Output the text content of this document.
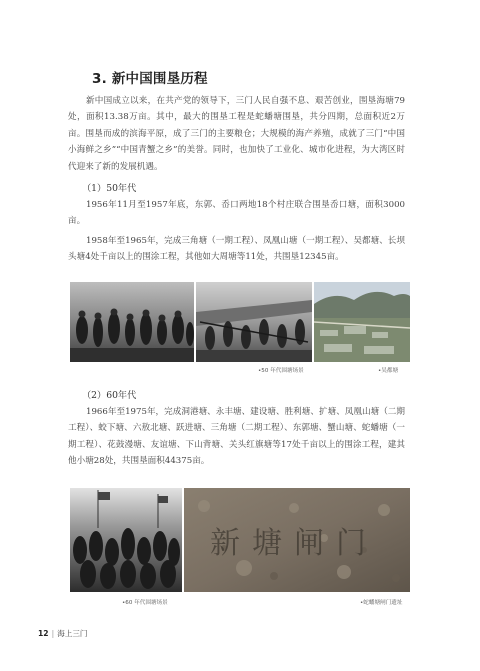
3. 新中国围垦历程

新中国成立以来，在共产党的领导下，三门人民自强不息、艰苦创业，围垦海塘79处，面积13.38万亩。其中，最大的围垦工程是蛇蟠塘围垦，共分四期，总面积近2万亩。围垦而成的滨海平原，成了三门的主要粮仓；大规模的海产养殖，成就了三门“中国小海鲜之乡”“中国青蟹之乡”的美誉。同时，也加快了工业化、城市化进程，为大湾区时代迎来了新的发展机遇。

（1）50年代

1956年11月至1957年底，东郭、岙口两地18个村庄联合围垦岙口塘，面积3000亩。

1958年至1965年，完成三角塘（一期工程）、凤凰山塘（一期工程）、吴都塘、长坝头塘4处千亩以上的围涂工程，其他如大周塘等11处，共围垦12345亩。

•50 年代围塘场景	•吴都塘
（2）60年代

1966年至1975年，完成洞港塘、永丰塘、建设塘、胜利塘、扩塘、凤凰山塘（二期工程）、蛟下塘、六敖北塘、跃进塘、三角塘（二期工程）、东郭塘、蟹山塘、蛇蟠塘（一期工程）、花鼓漫塘、友谊塘、下山背塘、关头红旗塘等17处千亩以上的围涂工程，建其他小塘28处，共围垦面积44375亩。

新塘闸门
•60 年代围塘场景	•蛇蟠塘闸门遗址
12 | 海上三门
